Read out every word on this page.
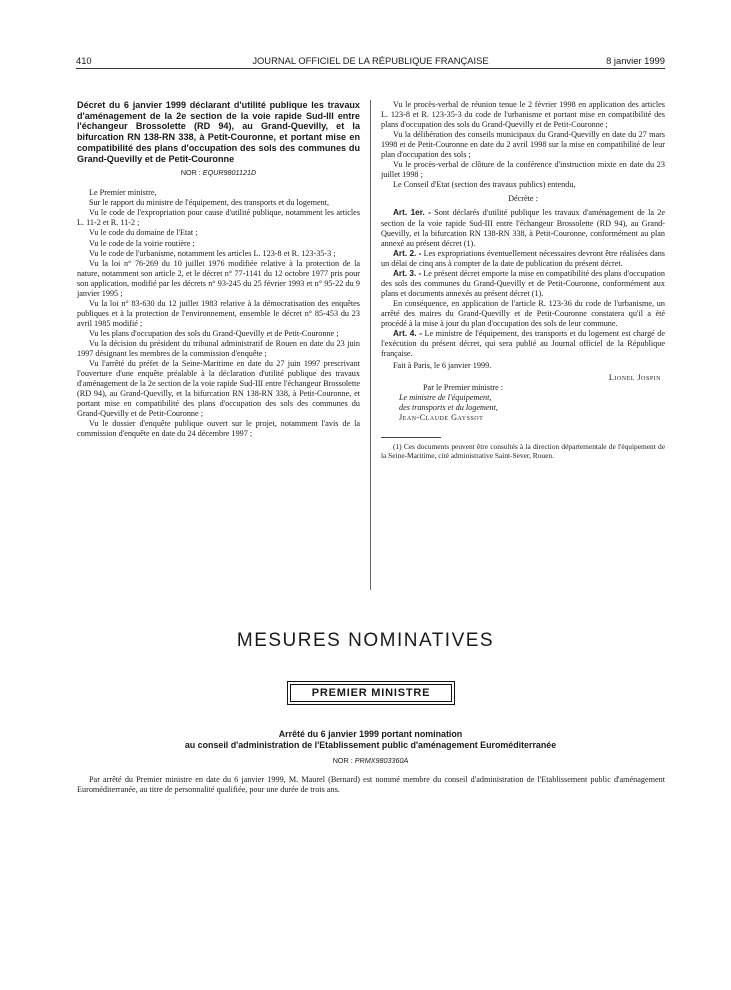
410	JOURNAL OFFICIEL DE LA RÉPUBLIQUE FRANÇAISE	8 janvier 1999

Décret du 6 janvier 1999 déclarant d'utilité publique les travaux d'aménagement de la 2e section de la voie rapide Sud-III entre l'échangeur Brossolette (RD 94), au Grand-Quevilly, et la bifurcation RN 138-RN 338, à Petit-Couronne, et portant mise en compatibilité des plans d'occupation des sols des communes du Grand-Quevilly et de Petit-Couronne

NOR : EQUR9801121D

Le Premier ministre,

Sur le rapport du ministre de l'équipement, des transports et du logement,

Vu le code de l'expropriation pour cause d'utilité publique, notamment les articles L. 11-2 et R. 11-2 ;

Vu le code du domaine de l'Etat ;

Vu le code de la voirie routière ;

Vu le code de l'urbanisme, notamment les articles L. 123-8 et R. 123-35-3 ;

Vu la loi n° 76-269 du 10 juillet 1976 modifiée relative à la protection de la nature, notamment son article 2, et le décret n° 77-1141 du 12 octobre 1977 pris pour son application, modifié par les décrets n° 93-245 du 25 février 1993 et n° 95-22 du 9 janvier 1995 ;

Vu la loi n° 83-630 du 12 juillet 1983 relative à la démocratisation des enquêtes publiques et à la protection de l'environnement, ensemble le décret n° 85-453 du 23 avril 1985 modifié ;

Vu les plans d'occupation des sols du Grand-Quevilly et de Petit-Couronne ;

Vu la décision du président du tribunal administratif de Rouen en date du 23 juin 1997 désignant les membres de la commission d'enquête ;

Vu l'arrêté du préfet de la Seine-Maritime en date du 27 juin 1997 prescrivant l'ouverture d'une enquête préalable à la déclaration d'utilité publique des travaux d'aménagement de la 2e section de la voie rapide Sud-III entre l'échangeur Brossolette (RD 94), au Grand-Quevilly, et la bifurcation RN 138-RN 338, à Petit-Couronne, et portant mise en compatibilité des plans d'occupation des sols des communes du Grand-Quevilly et de Petit-Couronne ;

Vu le dossier d'enquête publique ouvert sur le projet, notamment l'avis de la commission d'enquête en date du 24 décembre 1997 ;

Vu le procès-verbal de réunion tenue le 2 février 1998 en application des articles L. 123-8 et R. 123-35-3 du code de l'urbanisme et portant mise en compatibilité des plans d'occupation des sols du Grand-Quevilly et de Petit-Couronne ;

Vu la délibération des conseils municipaux du Grand-Quevilly en date du 27 mars 1998 et de Petit-Couronne en date du 2 avril 1998 sur la mise en compatibilité de leur plan d'occupation des sols ;

Vu le procès-verbal de clôture de la conférence d'instruction mixte en date du 23 juillet 1998 ;

Le Conseil d'Etat (section des travaux publics) entendu,

Décrète :

Art. 1er. - Sont déclarés d'utilité publique les travaux d'aménagement de la 2e section de la voie rapide Sud-III entre l'échangeur Brossolette (RD 94), au Grand-Quevilly, et la bifurcation RN 138-RN 338, à Petit-Couronne, conformément au plan annexé au présent décret (1).

Art. 2. - Les expropriations éventuellement nécessaires devront être réalisées dans un délai de cinq ans à compter de la date de publication du présent décret.

Art. 3. - Le présent décret emporte la mise en compatibilité des plans d'occupation des sols des communes du Grand-Quevilly et de Petit-Couronne, conformément aux plans et documents annexés au présent décret (1).

En conséquence, en application de l'article R. 123-36 du code de l'urbanisme, un arrêté des maires du Grand-Quevilly et de Petit-Couronne constatera qu'il a été procédé à la mise à jour du plan d'occupation des sols de leur commune.

Art. 4. - Le ministre de l'équipement, des transports et du logement est chargé de l'exécution du présent décret, qui sera publié au Journal officiel de la République française.

Fait à Paris, le 6 janvier 1999.

Lionel Jospin

Par le Premier ministre :

Le ministre de l'équipement,

des transports et du logement,

Jean-Claude Gayssot

(1) Ces documents peuvent être consultés à la direction départementale de l'équipement de la Seine-Maritime, cité administrative Saint-Sever, Rouen.

MESURES NOMINATIVES
PREMIER MINISTRE
Arrêté du 6 janvier 1999 portant nomination
au conseil d'administration de l'Etablissement public d'aménagement Euroméditerranée
NOR : PRMX9803360A

Par arrêté du Premier ministre en date du 6 janvier 1999, M. Maurel (Bernard) est nommé membre du conseil d'administration de l'Etablissement public d'aménagement Euroméditerranée, au titre de personnalité qualifiée, pour une durée de trois ans.
